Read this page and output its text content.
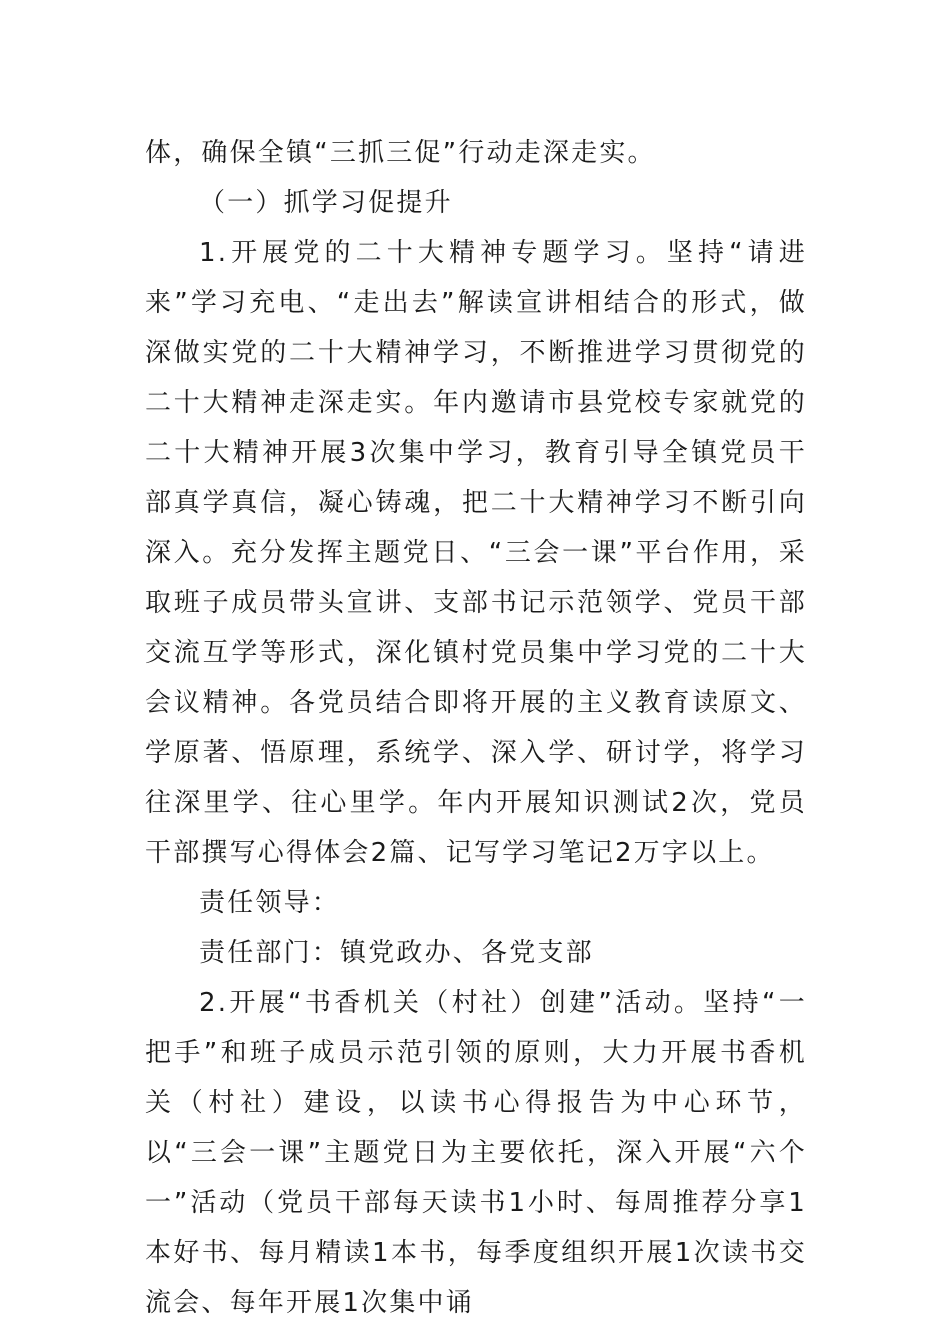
体，确保全镇“三抓三促”行动走深走实。

（一）抓学习促提升

1.开展党的二十大精神专题学习。坚持“请进来”学习充电、“走出去”解读宣讲相结合的形式，做深做实党的二十大精神学习，不断推进学习贯彻党的二十大精神走深走实。年内邀请市县党校专家就党的二十大精神开展3次集中学习，教育引导全镇党员干部真学真信，凝心铸魂，把二十大精神学习不断引向深入。充分发挥主题党日、“三会一课”平台作用，采取班子成员带头宣讲、支部书记示范领学、党员干部交流互学等形式，深化镇村党员集中学习党的二十大会议精神。各党员结合即将开展的主义教育读原文、学原著、悟原理，系统学、深入学、研讨学，将学习往深里学、往心里学。年内开展知识测试2次，党员干部撰写心得体会2篇、记写学习笔记2万字以上。

责任领导：

责任部门：镇党政办、各党支部

2.开展“书香机关（村社）创建”活动。坚持“一把手”和班子成员示范引领的原则，大力开展书香机关（村社）建设，以读书心得报告为中心环节，以“三会一课”主题党日为主要依托，深入开展“六个一”活动（党员干部每天读书1小时、每周推荐分享1本好书、每月精读1本书，每季度组织开展1次读书交流会、每年开展1次集中诵
